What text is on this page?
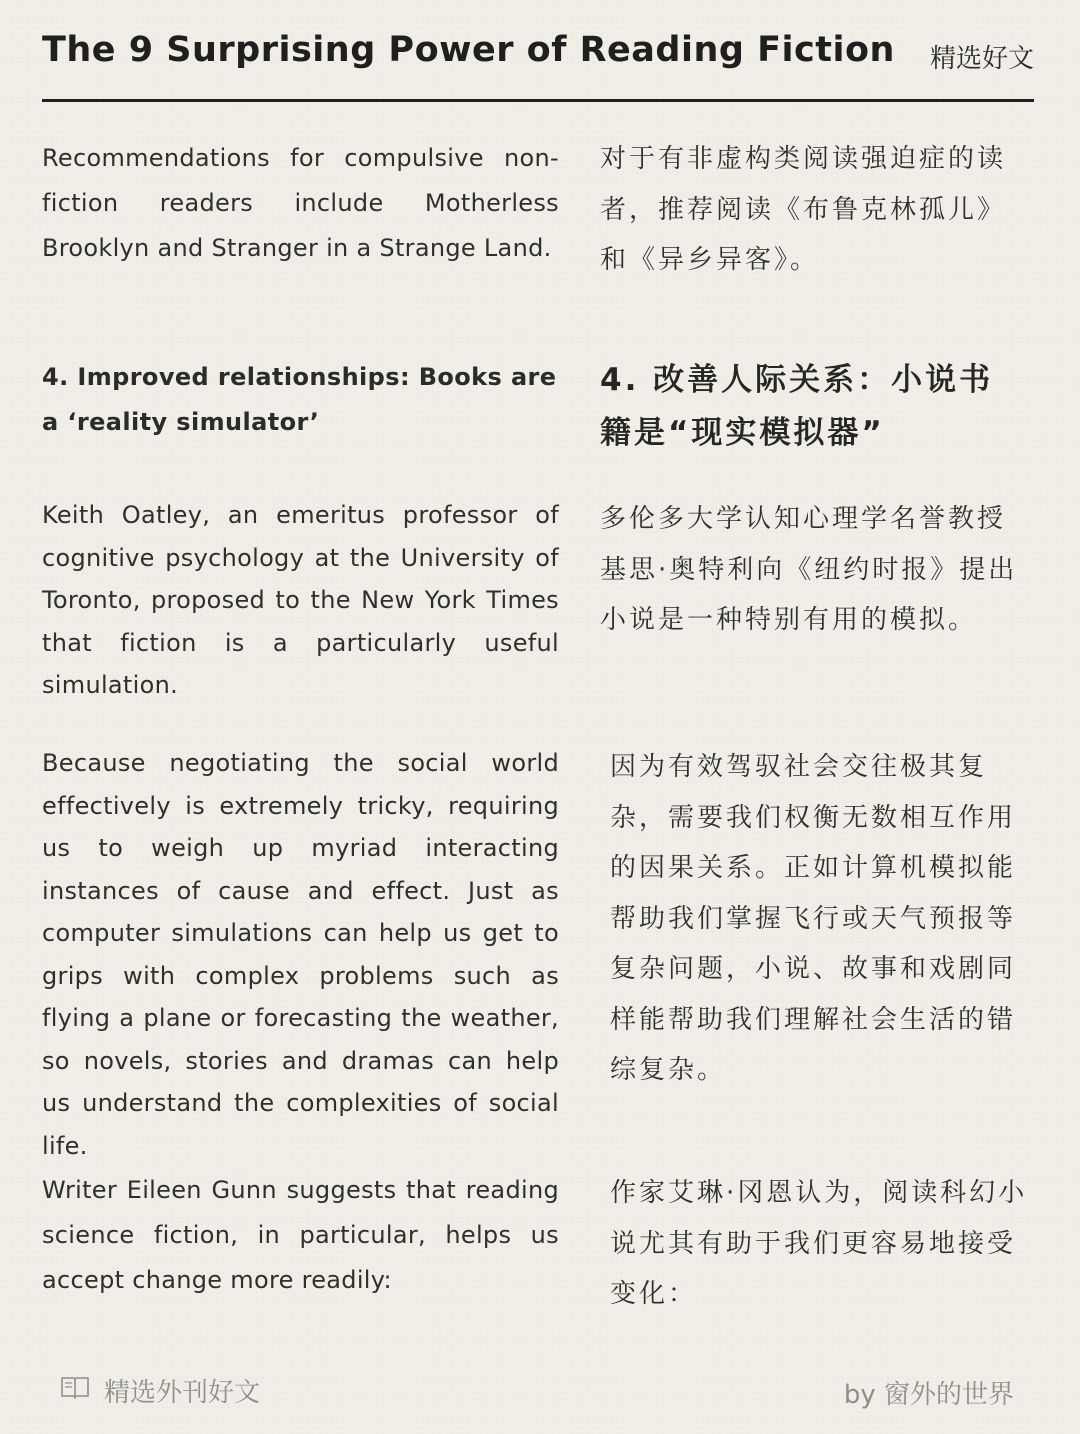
The 9 Surprising Power of Reading Fiction 精选好文
Recommendations for compulsive non-fiction readers include Motherless Brooklyn and Stranger in a Strange Land.
对于有非虚构类阅读强迫症的读者，推荐阅读《布鲁克林孤儿》和《异乡异客》。
4. Improved relationships: Books are a ‘reality simulator’
4. 改善人际关系：小说书籍是“现实模拟器”
Keith Oatley, an emeritus professor of cognitive psychology at the University of Toronto, proposed to the New York Times that fiction is a particularly useful simulation.
多伦多大学认知心理学名誉教授基思·奥特利向《纽约时报》提出小说是一种特别有用的模拟。
Because negotiating the social world effectively is extremely tricky, requiring us to weigh up myriad interacting instances of cause and effect. Just as computer simulations can help us get to grips with complex problems such as flying a plane or forecasting the weather, so novels, stories and dramas can help us understand the complexities of social life.
因为有效驾驭社会交往极其复杂，需要我们权衡无数相互作用的因果关系。正如计算机模拟能帮助我们掌握飞行或天气预报等复杂问题，小说、故事和戏剧同样能帮助我们理解社会生活的错综复杂。
Writer Eileen Gunn suggests that reading science fiction, in particular, helps us accept change more readily:
作家艾琳·冈恩认为，阅读科幻小说尤其有助于我们更容易地接受变化：
精选外刊好文	by 窗外的世界
